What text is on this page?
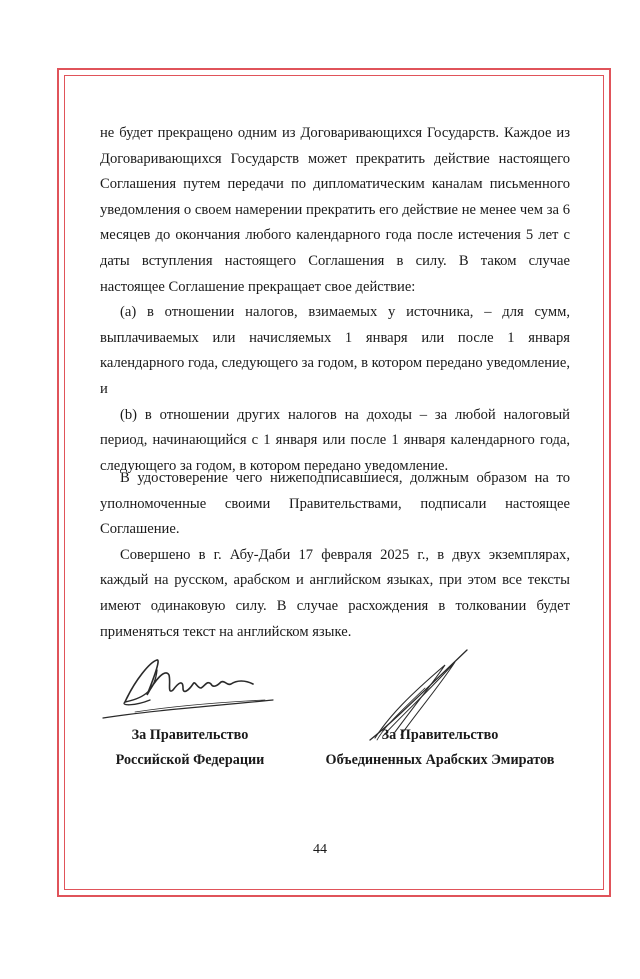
не будет прекращено одним из Договаривающихся Государств. Каждое из Договаривающихся Государств может прекратить действие настоящего Соглашения путем передачи по дипломатическим каналам письменного уведомления о своем намерении прекратить его действие не менее чем за 6 месяцев до окончания любого календарного года после истечения 5 лет с даты вступления настоящего Соглашения в силу. В таком случае настоящее Соглашение прекращает свое действие:

(a) в отношении налогов, взимаемых у источника, – для сумм, выплачиваемых или начисляемых 1 января или после 1 января календарного года, следующего за годом, в котором передано уведомление, и

(b) в отношении других налогов на доходы – за любой налоговый период, начинающийся с 1 января или после 1 января календарного года, следующего за годом, в котором передано уведомление.

В удостоверение чего нижеподписавшиеся, должным образом на то уполномоченные своими Правительствами, подписали настоящее Соглашение.

Совершено в г. Абу-Даби 17 февраля 2025 г., в двух экземплярах, каждый на русском, арабском и английском языках, при этом все тексты имеют одинаковую силу. В случае расхождения в толковании будет применяться текст на английском языке.

За Правительство
Российской Федерации
За Правительство
Объединенных Арабских Эмиратов
44
